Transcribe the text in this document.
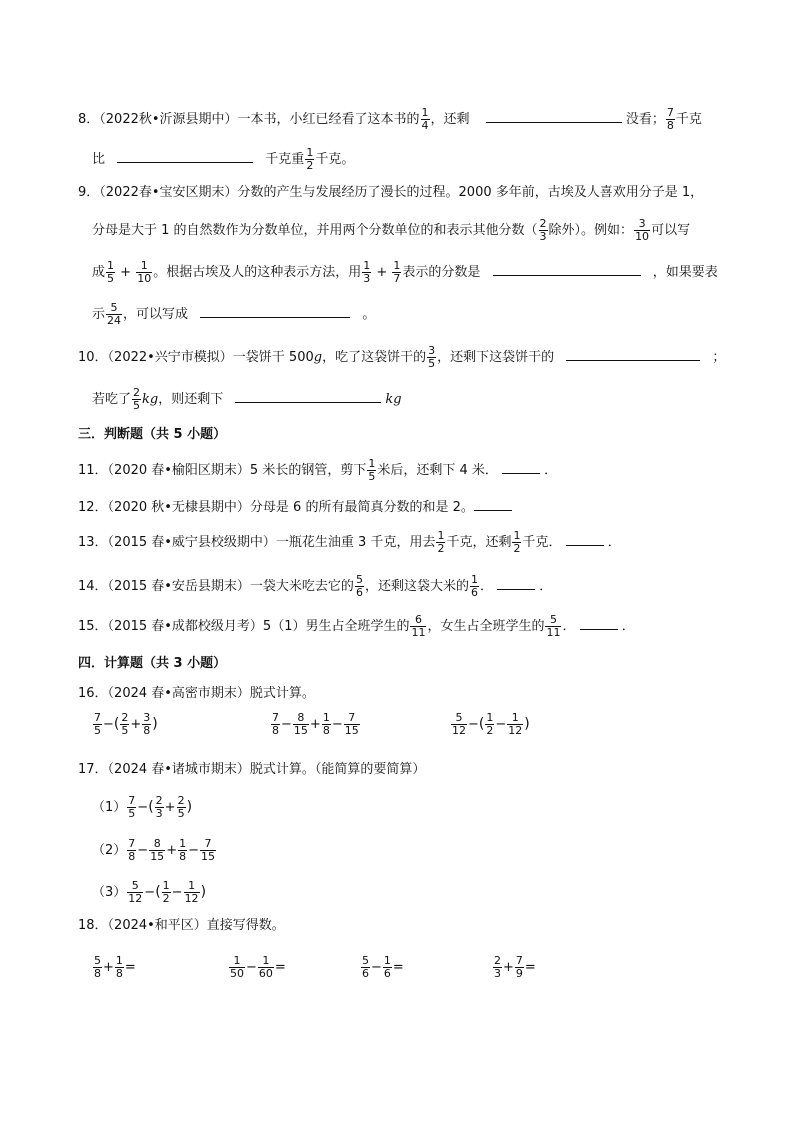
8．（2022秋•沂源县期中）一本书，小红已经看了这本书的 $\frac{1}{4}$ ，还剩	没看； $\frac{7}{8}$ 千克
比	千克重 $\frac{1}{2}$ 千克。
9．（2022春•宝安区期末）分数的产生与发展经历了漫长的过程。2000 多年前，古埃及人喜欢用分子是 1，
分母是大于 1 的自然数作为分数单位，并用两个分数单位的和表示其他分数（ $\frac{2}{3}$ 除外）。例如： $\frac{3}{10}$ 可以写
成 $\frac{1}{5} + \frac{1}{10}$ 。根据古埃及人的这种表示方法，用 $\frac{1}{3} + \frac{1}{7}$ 表示的分数是	，如果要表
示 $\frac{5}{24}$ ，可以写成	。
10．（2022•兴宁市模拟）一袋饼干 500g，吃了这袋饼干的 $\frac{3}{5}$ ，还剩下这袋饼干的	；
若吃了 $\frac{2}{5}$ kg，则还剩下	kg
三．判断题（共 5 小题）
11．（2020 春•榆阳区期末）5 米长的钢管，剪下 $\frac{1}{5}$ 米后，还剩下 4 米．	．
12．（2020 秋•无棣县期中）分母是 6 的所有最简真分数的和是 2。
13．（2015 春•威宁县校级期中）一瓶花生油重 3 千克，用去 $\frac{1}{2}$ 千克，还剩 $\frac{1}{2}$ 千克．	．
14．（2015 春•安岳县期末）一袋大米吃去它的 $\frac{5}{6}$ ，还剩这袋大米的 $\frac{1}{6}$ ．	．
15．（2015 春•成都校级月考）5（1）男生占全班学生的 $\frac{6}{11}$ ，女生占全班学生的 $\frac{5}{11}$ ．	．
四．计算题（共 3 小题）
16．（2024 春•高密市期末）脱式计算。
$\frac{7}{5}$ −( $\frac{2}{5} + \frac{3}{8}$ )	$\frac{7}{8} - \frac{8}{15} + \frac{1}{8} - \frac{7}{15}$	$\frac{5}{12}$ −( $\frac{1}{2} - \frac{1}{12}$ )
17．（2024 春•诸城市期末）脱式计算。（能简算的要简算）
$(1) \frac{7}{5}$ −( $\frac{2}{3} + \frac{2}{5}$ )
$(2) \frac{7}{8} - \frac{8}{15} + \frac{1}{8} - \frac{7}{15}$
$(3) \frac{5}{12}$ −( $\frac{1}{2} - \frac{1}{12}$ )
18．（2024•和平区）直接写得数。
$\frac{5}{8} + \frac{1}{8}$ =	$\frac{1}{50} - \frac{1}{60}$ =	$\frac{5}{6} - \frac{1}{6}$ =	$\frac{2}{3} + \frac{7}{9}$ =
